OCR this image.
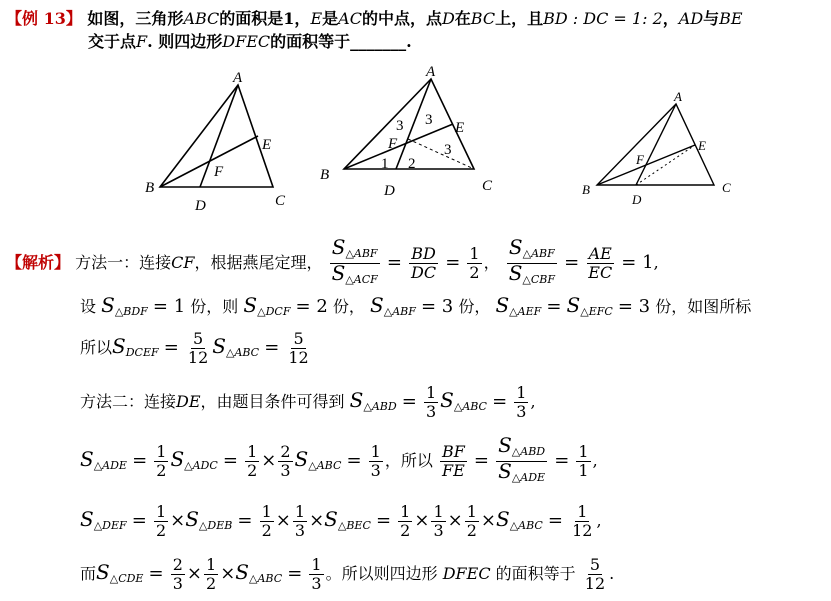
【例 13】 如图，三角形ABC的面积是1，E是AC的中点，点D在BC上，且BD : DC = 1: 2，AD与BE
交于点F. 则四边形DFEC的面积等于_______.
A
B
C
D
E
F
A
B
C
D
E
F
3 3
3
1 2
A
B	C
D
E
F
【解析】 方法一：连接CF，根据燕尾定理， $\frac{S_{\triangle ABF}}{S_{\triangle ACF}} = \frac{BD}{DC} = \frac{1}{2}$ ， $\frac{S_{\triangle ABF}}{S_{\triangle CBF}} = \frac{AE}{EC} = 1$,
设 $S_{\triangle BDF} = 1$ 份，则 $S_{\triangle DCF} = 2$ 份， $S_{\triangle ABF} = 3$ 份， $S_{\triangle AEF} = S_{\triangle EFC} = 3$ 份，如图所标
所以$S_{DCEF} = \frac{5}{12} S_{\triangle ABC} = \frac{5}{12}$
方法二：连接DE，由题目条件可得到 $S_{\triangle ABD} = \frac{1}{3} S_{\triangle ABC} = \frac{1}{3}$ ,
$S_{\triangle ADE} = \frac{1}{2} S_{\triangle ADC} = \frac{1}{2} \times \frac{2}{3} S_{\triangle ABC} = \frac{1}{3}$ ，所以 $\frac{BF}{FE} = \frac{S_{\triangle ABD}}{S_{\triangle ADE}} = \frac{1}{1}$ ,
$S_{\triangle DEF} = \frac{1}{2} \times S_{\triangle DEB} = \frac{1}{2} \times \frac{1}{3} \times S_{\triangle BEC} = \frac{1}{2} \times \frac{1}{3} \times \frac{1}{2} \times S_{\triangle ABC} = \frac{1}{12}$ ,
而$S_{\triangle CDE} = \frac{2}{3} \times \frac{1}{2} \times S_{\triangle ABC} = \frac{1}{3}$ 。所以则四边形 DFEC 的面积等于 $\frac{5}{12}$ .
